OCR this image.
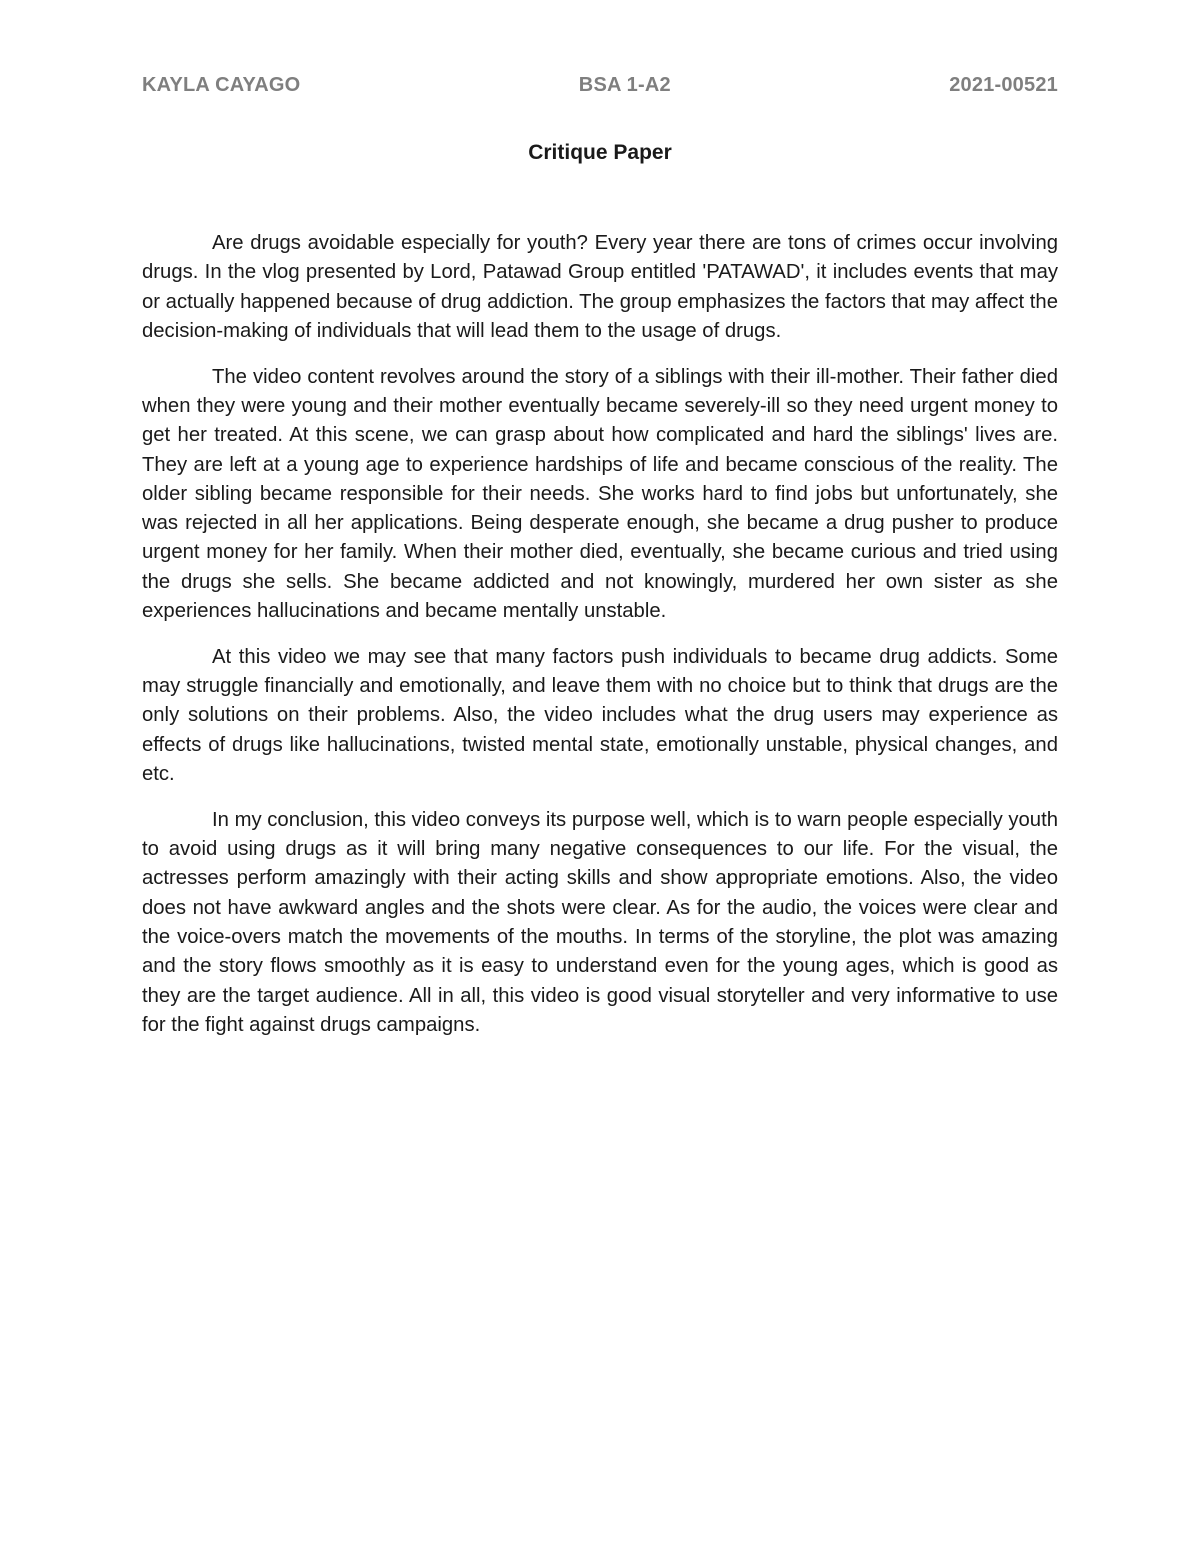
KAYLA CAYAGO	BSA 1-A2	2021-00521
Critique Paper

Are drugs avoidable especially for youth? Every year there are tons of crimes occur involving drugs. In the vlog presented by Lord, Patawad Group entitled 'PATAWAD', it includes events that may or actually happened because of drug addiction. The group emphasizes the factors that may affect the decision-making of individuals that will lead them to the usage of drugs.

The video content revolves around the story of a siblings with their ill-mother. Their father died when they were young and their mother eventually became severely-ill so they need urgent money to get her treated. At this scene, we can grasp about how complicated and hard the siblings' lives are. They are left at a young age to experience hardships of life and became conscious of the reality. The older sibling became responsible for their needs. She works hard to find jobs but unfortunately, she was rejected in all her applications. Being desperate enough, she became a drug pusher to produce urgent money for her family. When their mother died, eventually, she became curious and tried using the drugs she sells. She became addicted and not knowingly, murdered her own sister as she experiences hallucinations and became mentally unstable.

At this video we may see that many factors push individuals to became drug addicts. Some may struggle financially and emotionally, and leave them with no choice but to think that drugs are the only solutions on their problems. Also, the video includes what the drug users may experience as effects of drugs like hallucinations, twisted mental state, emotionally unstable, physical changes, and etc.

In my conclusion, this video conveys its purpose well, which is to warn people especially youth to avoid using drugs as it will bring many negative consequences to our life. For the visual, the actresses perform amazingly with their acting skills and show appropriate emotions. Also, the video does not have awkward angles and the shots were clear. As for the audio, the voices were clear and the voice-overs match the movements of the mouths. In terms of the storyline, the plot was amazing and the story flows smoothly as it is easy to understand even for the young ages, which is good as they are the target audience. All in all, this video is good visual storyteller and very informative to use for the fight against drugs campaigns.
